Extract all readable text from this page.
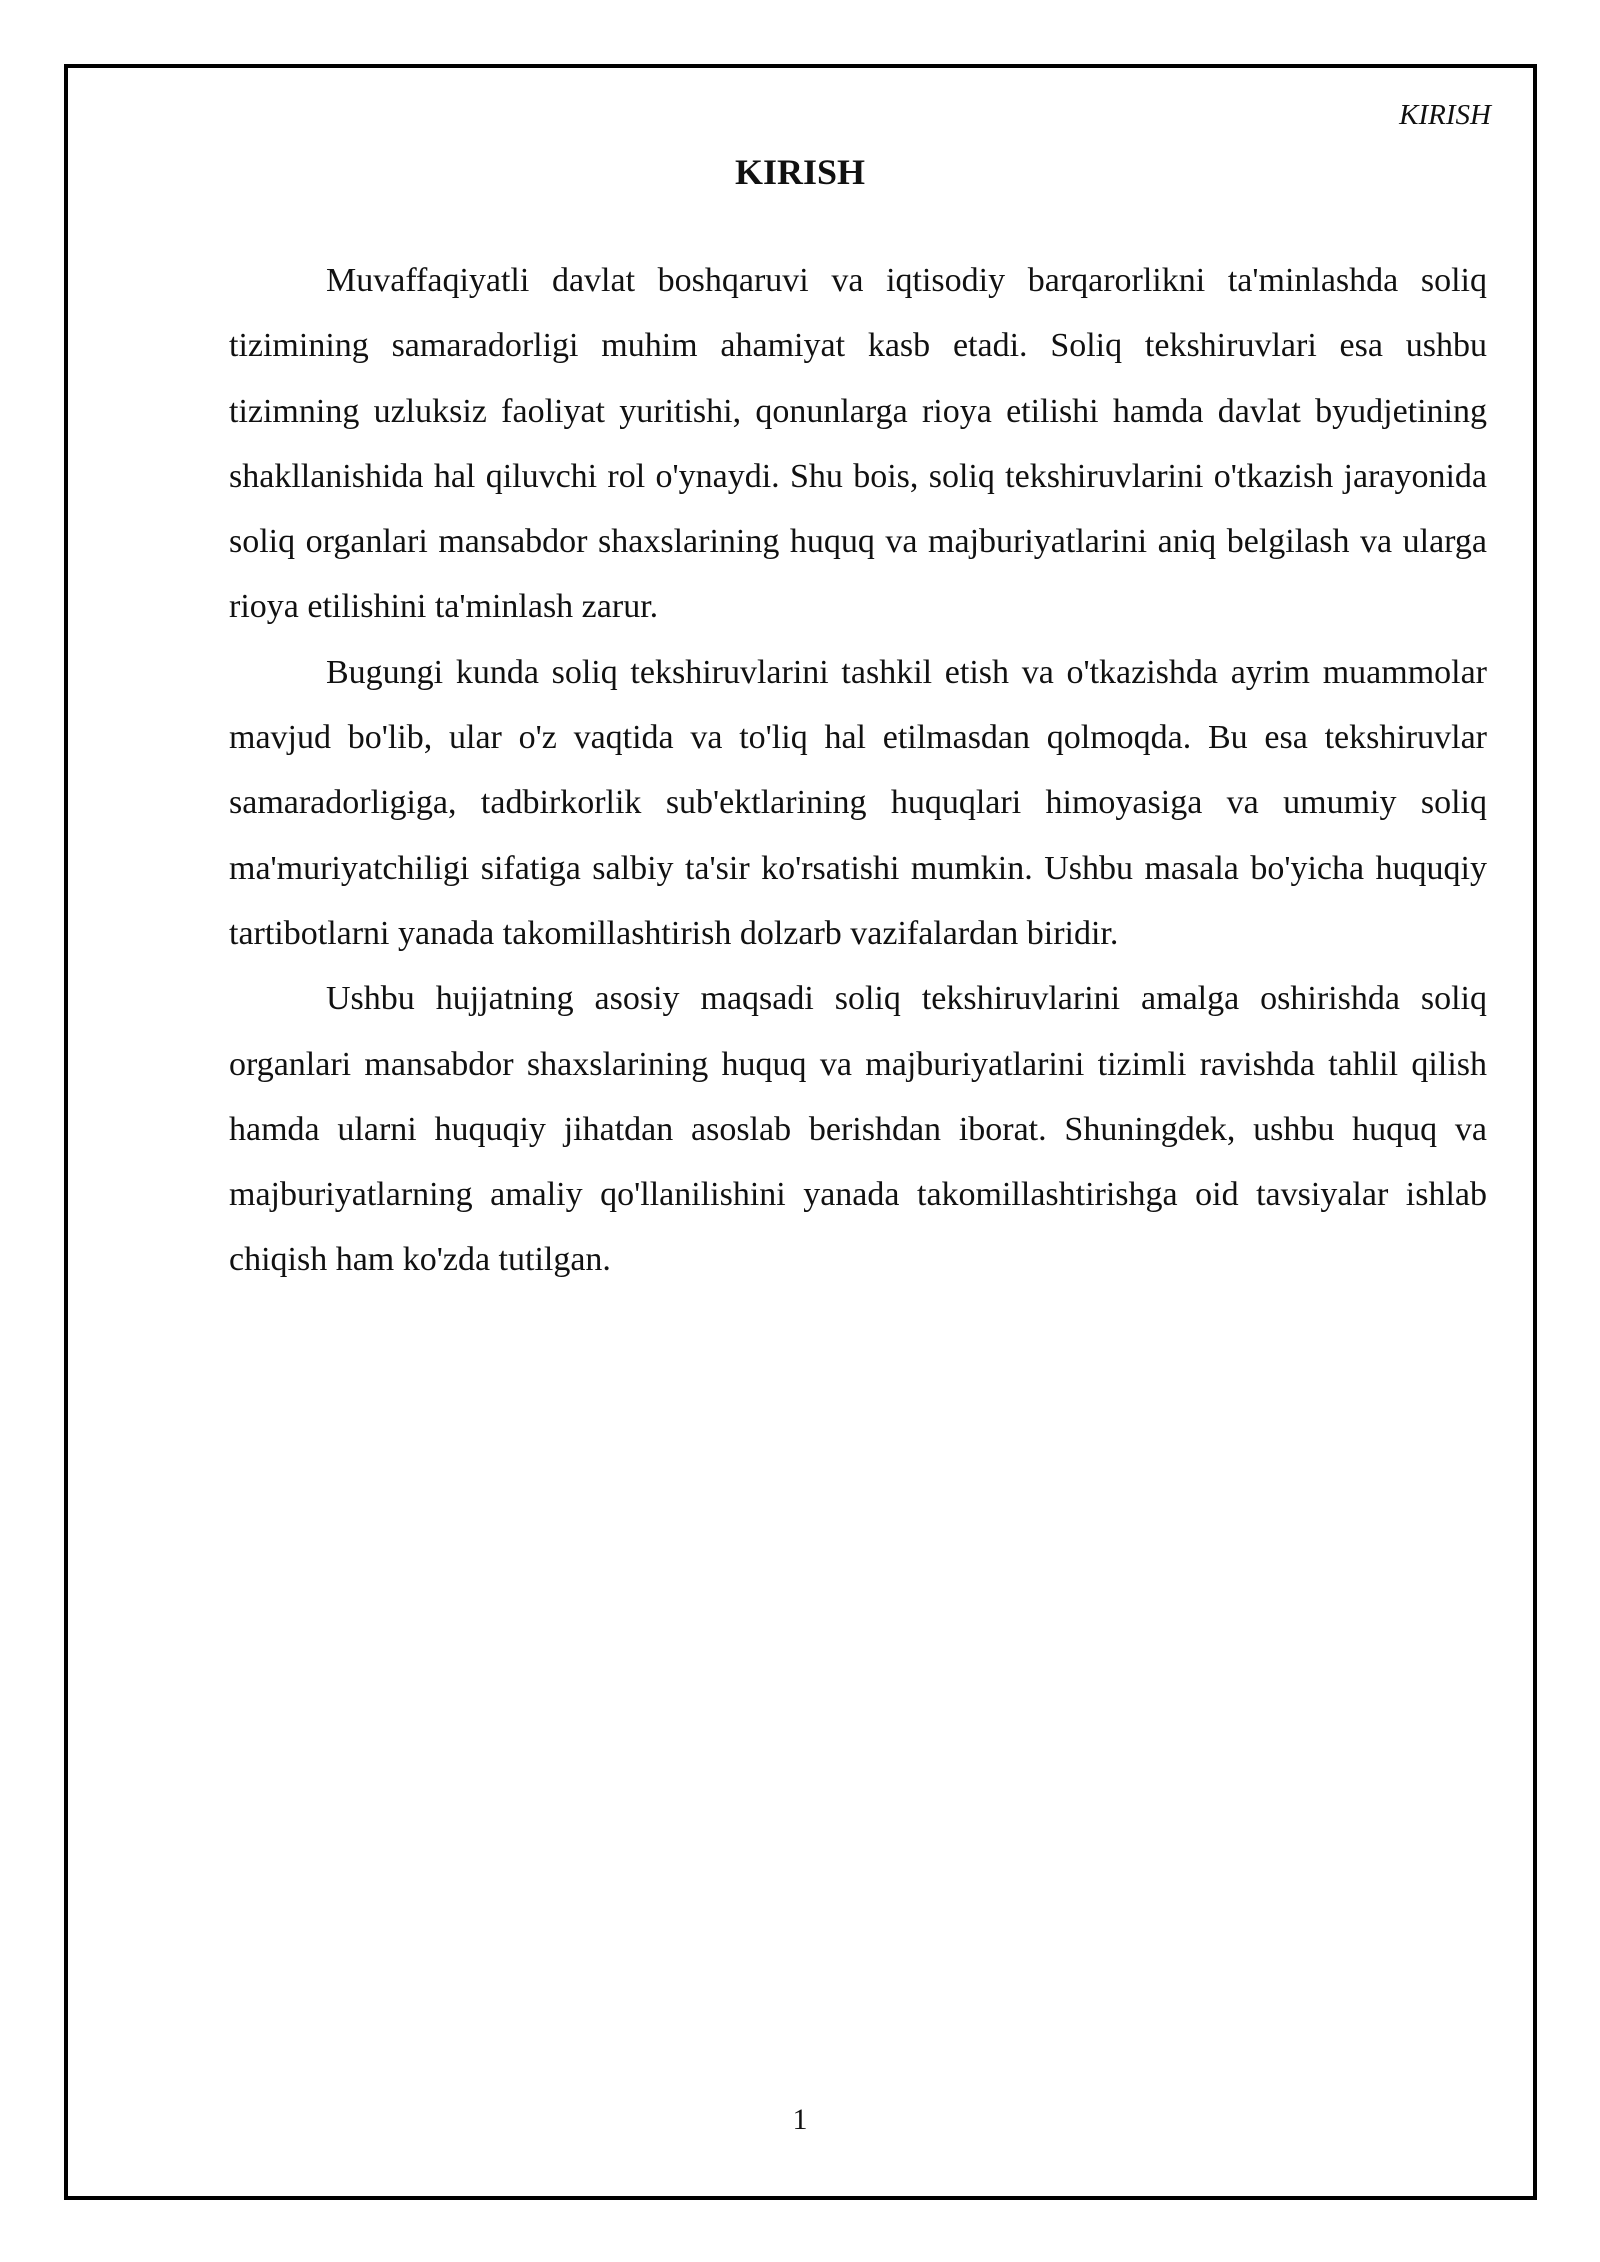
KIRISH
KIRISH

Muvaffaqiyatli davlat boshqaruvi va iqtisodiy barqarorlikni ta'minlashda soliq tizimining samaradorligi muhim ahamiyat kasb etadi. Soliq tekshiruvlari esa ushbu tizimning uzluksiz faoliyat yuritishi, qonunlarga rioya etilishi hamda davlat byudjetining shakllanishida hal qiluvchi rol o'ynaydi. Shu bois, soliq tekshiruvlarini o'tkazish jarayonida soliq organlari mansabdor shaxslarining huquq va majburiyatlarini aniq belgilash va ularga rioya etilishini ta'minlash zarur.

Bugungi kunda soliq tekshiruvlarini tashkil etish va o'tkazishda ayrim muammolar mavjud bo'lib, ular o'z vaqtida va to'liq hal etilmasdan qolmoqda. Bu esa tekshiruvlar samaradorligiga, tadbirkorlik sub'ektlarining huquqlari himoyasiga va umumiy soliq ma'muriyatchiligi sifatiga salbiy ta'sir ko'rsatishi mumkin. Ushbu masala bo'yicha huquqiy tartibotlarni yanada takomillashtirish dolzarb vazifalardan biridir.

Ushbu hujjatning asosiy maqsadi soliq tekshiruvlarini amalga oshirishda soliq organlari mansabdor shaxslarining huquq va majburiyatlarini tizimli ravishda tahlil qilish hamda ularni huquqiy jihatdan asoslab berishdan iborat. Shuningdek, ushbu huquq va majburiyatlarning amaliy qo'llanilishini yanada takomillashtirishga oid tavsiyalar ishlab chiqish ham ko'zda tutilgan.

1
